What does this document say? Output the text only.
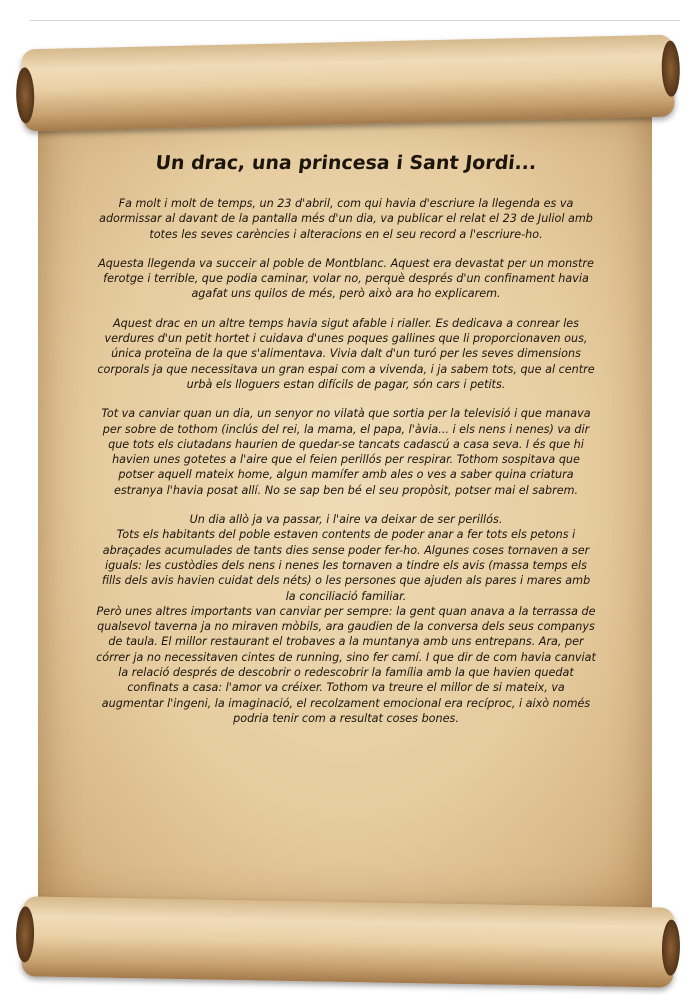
Un drac, una princesa i Sant Jordi...

Fa molt i molt de temps, un 23 d'abril, com qui havia d'escriure la llegenda es va adormissar al davant de la pantalla més d'un dia, va publicar el relat el 23 de Juliol amb totes les seves carències i alteracions en el seu record a l'escriure-ho.

Aquesta llegenda va succeir al poble de Montblanc. Aquest era devastat per un monstre ferotge i terrible, que podia caminar, volar no, perquè després d'un confinament havia agafat uns quilos de més, però això ara ho explicarem.

Aquest drac en un altre temps havia sigut afable i rialler. Es dedicava a conrear les verdures d'un petit hortet i cuidava d'unes poques gallines que li proporcionaven ous, única proteïna de la que s'alimentava. Vivia dalt d'un turó per les seves dimensions corporals ja que necessitava un gran espai com a vivenda, i ja sabem tots, que al centre urbà els lloguers estan difícils de pagar, són cars i petits.

Tot va canviar quan un dia, un senyor no vilatà que sortia per la televisió i que manava per sobre de tothom (inclús del rei, la mama, el papa, l'àvia... i els nens i nenes) va dir que tots els ciutadans haurien de quedar-se tancats cadascú a casa seva. I és que hi havien unes gotetes a l'aire que el feien perillós per respirar. Tothom sospitava que potser aquell mateix home, algun mamífer amb ales o ves a saber quina criatura estranya l'havia posat allí. No se sap ben bé el seu propòsit, potser mai el sabrem.

Un dia allò ja va passar, i l'aire va deixar de ser perillós.

Tots els habitants del poble estaven contents de poder anar a fer tots els petons i abraçades acumulades de tants dies sense poder fer-ho. Algunes coses tornaven a ser iguals: les custòdies dels nens i nenes les tornaven a tindre els avis (massa temps els fills dels avis havien cuidat dels néts) o les persones que ajuden als pares i mares amb la conciliació familiar.

Però unes altres importants van canviar per sempre: la gent quan anava a la terrassa de qualsevol taverna ja no miraven mòbils, ara gaudien de la conversa dels seus companys de taula. El millor restaurant el trobaves a la muntanya amb uns entrepans. Ara, per córrer ja no necessitaven cintes de running, sino fer camí. I que dir de com havia canviat la relació després de descobrir o redescobrir la família amb la que havien quedat confinats a casa: l'amor va créixer. Tothom va treure el millor de si mateix, va augmentar l'ingeni, la imaginació, el recolzament emocional era recíproc, i això només podria tenir com a resultat coses bones.
